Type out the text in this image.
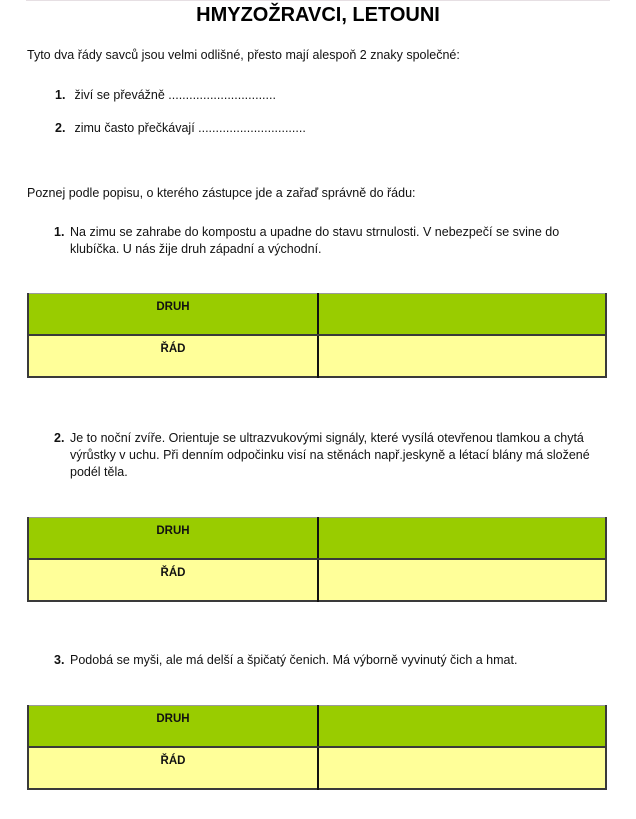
HMYZOŽRAVCI, LETOUNI
Tyto dva řády savců jsou velmi odlišné, přesto mají alespoň 2 znaky společné:
1. živí se převážně ...............................
2. zimu často přečkávají ...............................
Poznej podle popisu, o kterého zástupce jde a zařaď správně do řádu:
1. Na zimu se zahrabe do kompostu a upadne do stavu strnulosti. V nebezpečí se svine do klubíčka. U nás žije druh západní a východní.
DRUH	
ŘÁD	
2. Je to noční zvíře. Orientuje se ultrazvukovými signály, které vysílá otevřenou tlamkou a chytá výrůstky v uchu. Při denním odpočinku visí na stěnách např.jeskyně a létací blány má složené podél těla.
DRUH	
ŘÁD	
3. Podobá se myši, ale má delší a špičatý čenich. Má výborně vyvinutý čich a hmat.
DRUH	
ŘÁD	
